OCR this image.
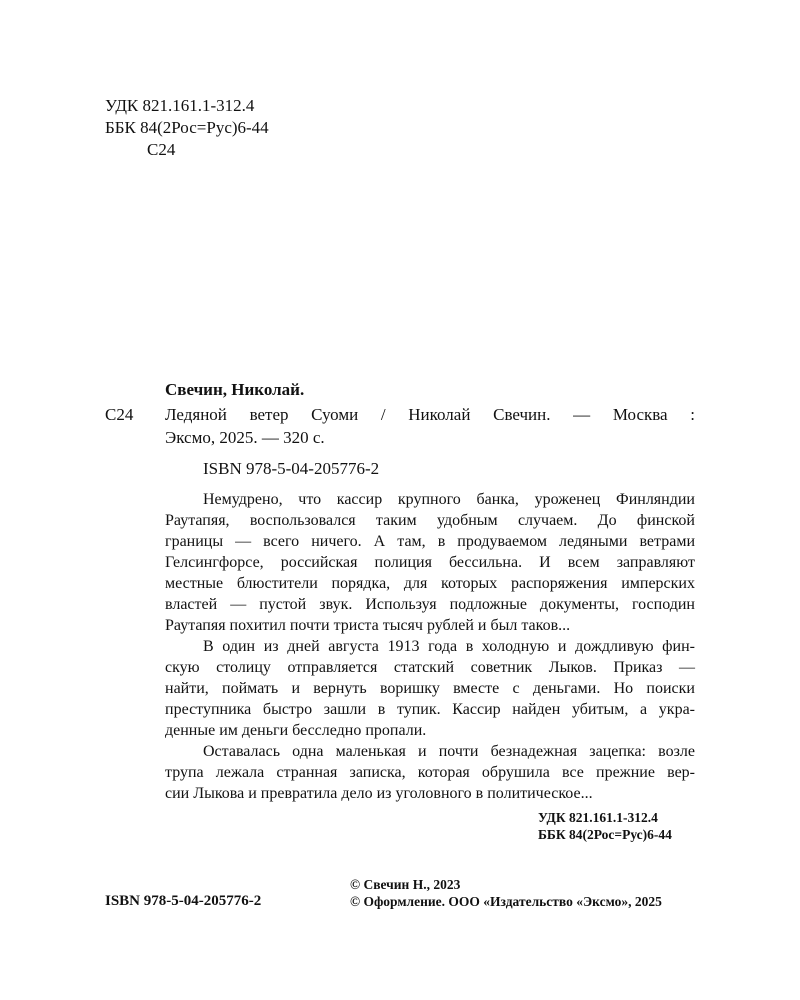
УДК 821.161.1-312.4
ББК 84(2Рос=Рус)6-44
С24
Свечин, Николай.
С24 Ледяной ветер Суоми / Николай Свечин. — Москва :
Эксмо, 2025. — 320 с.
ISBN 978-5-04-205776-2
Немудрено, что кассир крупного банка, уроженец Финляндии
Раутапяя, воспользовался таким удобным случаем. До финской
границы — всего ничего. А там, в продуваемом ледяными ветрами
Гелсингфорсе, российская полиция бессильна. И всем заправляют
местные блюстители порядка, для которых распоряжения имперских
властей — пустой звук. Используя подложные документы, господин
Раутапяя похитил почти триста тысяч рублей и был таков...
В один из дней августа 1913 года в холодную и дождливую фин-
скую столицу отправляется статский советник Лыков. Приказ —
найти, поймать и вернуть воришку вместе с деньгами. Но поиски
преступника быстро зашли в тупик. Кассир найден убитым, а укра-
денные им деньги бесследно пропали.
Оставалась одна маленькая и почти безнадежная зацепка: возле
трупа лежала странная записка, которая обрушила все прежние вер-
сии Лыкова и превратила дело из уголовного в политическое...
УДК 821.161.1-312.4
ББК 84(2Рос=Рус)6-44
© Свечин Н., 2023
ISBN 978-5-04-205776-2	© Оформление. ООО «Издательство «Эксмо», 2025
